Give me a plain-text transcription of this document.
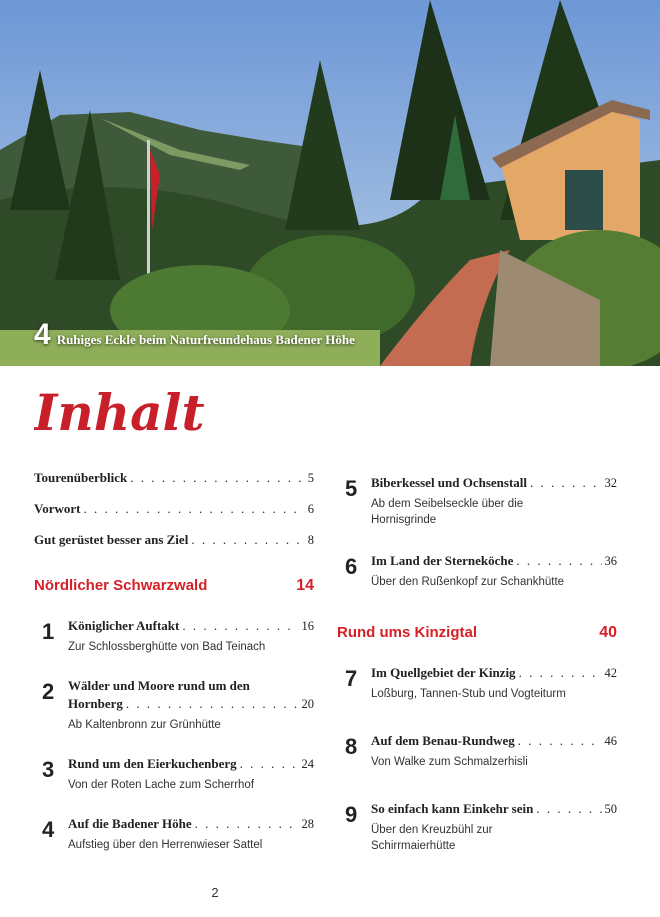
4 Ruhiges Eckle beim Naturfreundehaus Badener Höhe
Inhalt
Tourenüberblick . . .	5
Vorwort . . .	6
Gut gerüstet besser ans Ziel . . .	8
Nördlicher Schwarzwald	14
1 Königlicher Auftakt . . .	16
Zur Schlossberghütte von Bad Teinach
2 Wälder und Moore rund um den
Hornberg . . .	20
Ab Kaltenbronn zur Grünhütte
3 Rund um den Eierkuchenberg . . .	24
Von der Roten Lache zum Scherrhof
4 Auf die Badener Höhe . . .	28
Aufstieg über den Herrenwieser Sattel
5 Biberkessel und Ochsenstall . . .	32
Ab dem Seibelseckle über die
Hornisgrinde
6 Im Land der Sterneköche . . .	36
Über den Rußenkopf zur Schankhütte
Rund ums Kinzigtal	40
7 Im Quellgebiet der Kinzig . . .	42
Loßburg, Tannen-Stub und Vogteiturm
8 Auf dem Benau-Rundweg . . .	46
Von Walke zum Schmalzerhisli
9 So einfach kann Einkehr sein . . .	50
Über den Kreuzbühl zur
Schirrmaierhütte
2
